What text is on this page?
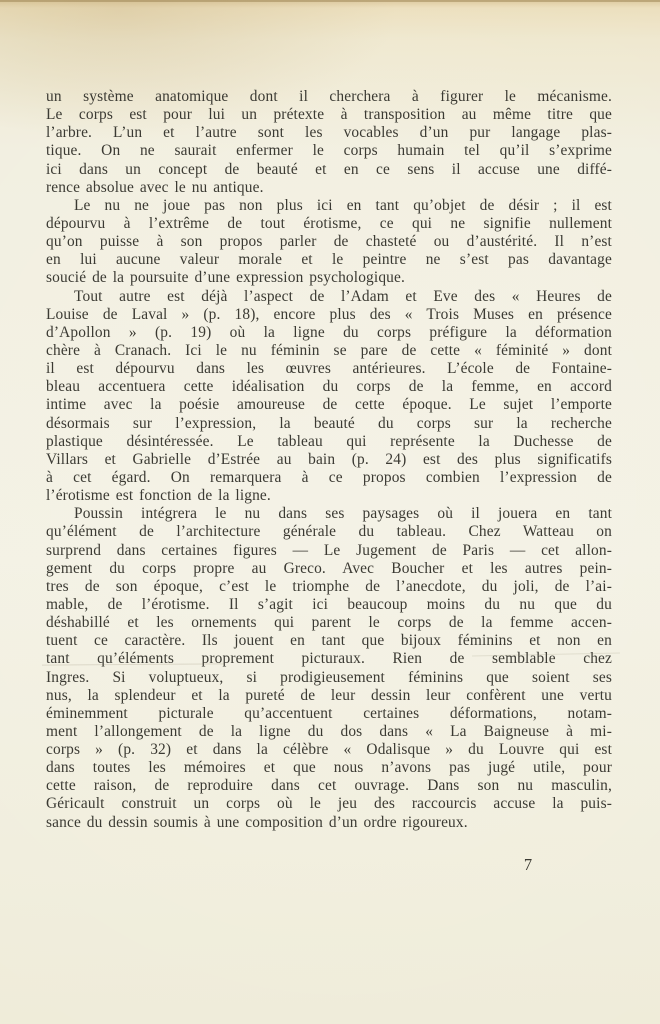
un système anatomique dont il cherchera à figurer le mécanisme.
Le corps est pour lui un prétexte à transposition au même titre que
l’arbre. L’un et l’autre sont les vocables d’un pur langage plas-
tique. On ne saurait enfermer le corps humain tel qu’il s’exprime
ici dans un concept de beauté et en ce sens il accuse une diffé-
rence absolue avec le nu antique.
Le nu ne joue pas non plus ici en tant qu’objet de désir ; il est
dépourvu à l’extrême de tout érotisme, ce qui ne signifie nullement
qu’on puisse à son propos parler de chasteté ou d’austérité. Il n’est
en lui aucune valeur morale et le peintre ne s’est pas davantage
soucié de la poursuite d’une expression psychologique.
Tout autre est déjà l’aspect de l’Adam et Eve des « Heures de
Louise de Laval » (p. 18), encore plus des « Trois Muses en présence
d’Apollon » (p. 19) où la ligne du corps préfigure la déformation
chère à Cranach. Ici le nu féminin se pare de cette « féminité » dont
il est dépourvu dans les œuvres antérieures. L’école de Fontaine-
bleau accentuera cette idéalisation du corps de la femme, en accord
intime avec la poésie amoureuse de cette époque. Le sujet l’emporte
désormais sur l’expression, la beauté du corps sur la recherche
plastique désintéressée. Le tableau qui représente la Duchesse de
Villars et Gabrielle d’Estrée au bain (p. 24) est des plus significatifs
à cet égard. On remarquera à ce propos combien l’expression de
l’érotisme est fonction de la ligne.
Poussin intégrera le nu dans ses paysages où il jouera en tant
qu’élément de l’architecture générale du tableau. Chez Watteau on
surprend dans certaines figures — Le Jugement de Paris — cet allon-
gement du corps propre au Greco. Avec Boucher et les autres pein-
tres de son époque, c’est le triomphe de l’anecdote, du joli, de l’ai-
mable, de l’érotisme. Il s’agit ici beaucoup moins du nu que du
déshabillé et les ornements qui parent le corps de la femme accen-
tuent ce caractère. Ils jouent en tant que bijoux féminins et non en
tant qu’éléments proprement picturaux. Rien de semblable chez
Ingres. Si voluptueux, si prodigieusement féminins que soient ses
nus, la splendeur et la pureté de leur dessin leur confèrent une vertu
éminemment picturale qu’accentuent certaines déformations, notam-
ment l’allongement de la ligne du dos dans « La Baigneuse à mi-
corps » (p. 32) et dans la célèbre « Odalisque » du Louvre qui est
dans toutes les mémoires et que nous n’avons pas jugé utile, pour
cette raison, de reproduire dans cet ouvrage. Dans son nu masculin,
Géricault construit un corps où le jeu des raccourcis accuse la puis-
sance du dessin soumis à une composition d’un ordre rigoureux.
7
